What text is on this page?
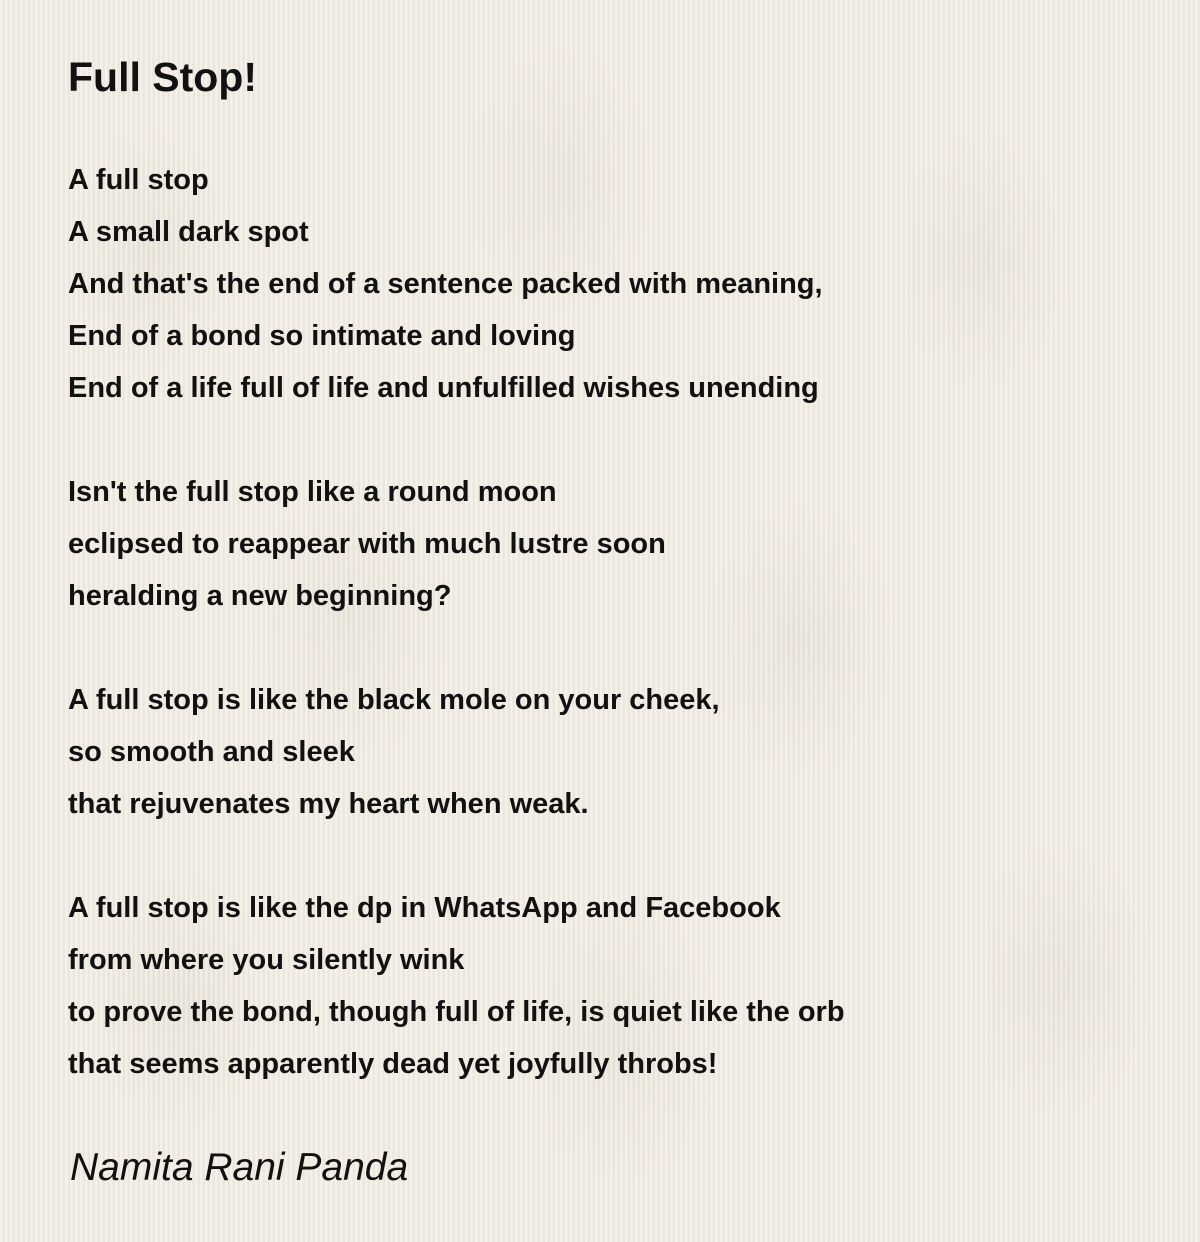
Full Stop!
A full stop
A small dark spot
And that's the end of a sentence packed with meaning,
End of a bond so intimate and loving
End of a life full of life and unfulfilled wishes unending
Isn't the full stop like a round moon
eclipsed to reappear with much lustre soon
heralding a new beginning?
A full stop is like the black mole on your cheek,
so smooth and sleek
that rejuvenates my heart when weak.
A full stop is like the dp in WhatsApp and Facebook
from where you silently wink
to prove the bond, though full of life, is quiet like the orb
that seems apparently dead yet joyfully throbs!
Namita Rani Panda
